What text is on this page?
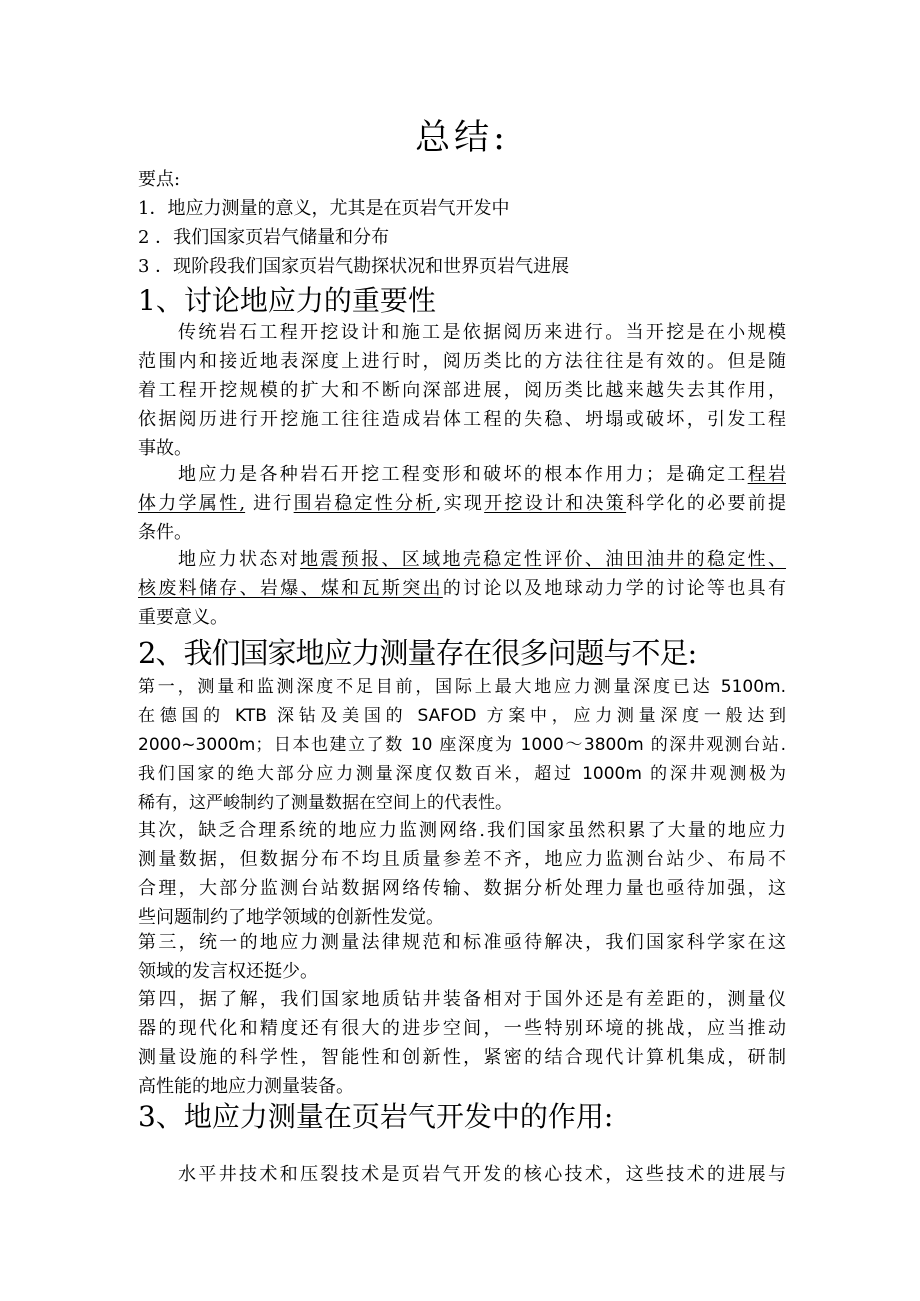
总结:
要点:
1．地应力测量的意义，尤其是在页岩气开发中
2 ．我们国家页岩气储量和分布
3 ．现阶段我们国家页岩气勘探状况和世界页岩气进展
1、讨论地应力的重要性
传统岩石工程开挖设计和施工是依据阅历来进行。当开挖是在小规模
范围内和接近地表深度上进行时，阅历类比的方法往往是有效的。但是随
着工程开挖规模的扩大和不断向深部进展，阅历类比越来越失去其作用，
依据阅历进行开挖施工往往造成岩体工程的失稳、坍塌或破坏，引发工程
事故。
地应力是各种岩石开挖工程变形和破坏的根本作用力；是确定工程岩
体力学属性, 进行围岩稳定性分析,实现开挖设计和决策科学化的必要前提
条件。
地应力状态对地震预报、区域地壳稳定性评价、油田油井的稳定性、
核废料储存、岩爆、煤和瓦斯突出的讨论以及地球动力学的讨论等也具有
重要意义。
2、我们国家地应力测量存在很多问题与不足:
第一，测量和监测深度不足目前，国际上最大地应力测量深度已达 5100m.
在德国的 KTB 深钻及美国的 SAFOD 方案中，应力测量深度一般达到
2000~3000m；日本也建立了数 10 座深度为 1000～3800m 的深井观测台站.
我们国家的绝大部分应力测量深度仅数百米，超过 1000m 的深井观测极为
稀有，这严峻制约了测量数据在空间上的代表性。
其次，缺乏合理系统的地应力监测网络.我们国家虽然积累了大量的地应力
测量数据，但数据分布不均且质量参差不齐，地应力监测台站少、布局不
合理，大部分监测台站数据网络传输、数据分析处理力量也亟待加强，这
些问题制约了地学领域的创新性发觉。
第三，统一的地应力测量法律规范和标准亟待解决，我们国家科学家在这
领域的发言权还挺少。
第四，据了解，我们国家地质钻井装备相对于国外还是有差距的，测量仪
器的现代化和精度还有很大的进步空间，一些特别环境的挑战，应当推动
测量设施的科学性，智能性和创新性，紧密的结合现代计算机集成，研制
高性能的地应力测量装备。
3、地应力测量在页岩气开发中的作用:
水平井技术和压裂技术是页岩气开发的核心技术，这些技术的进展与
